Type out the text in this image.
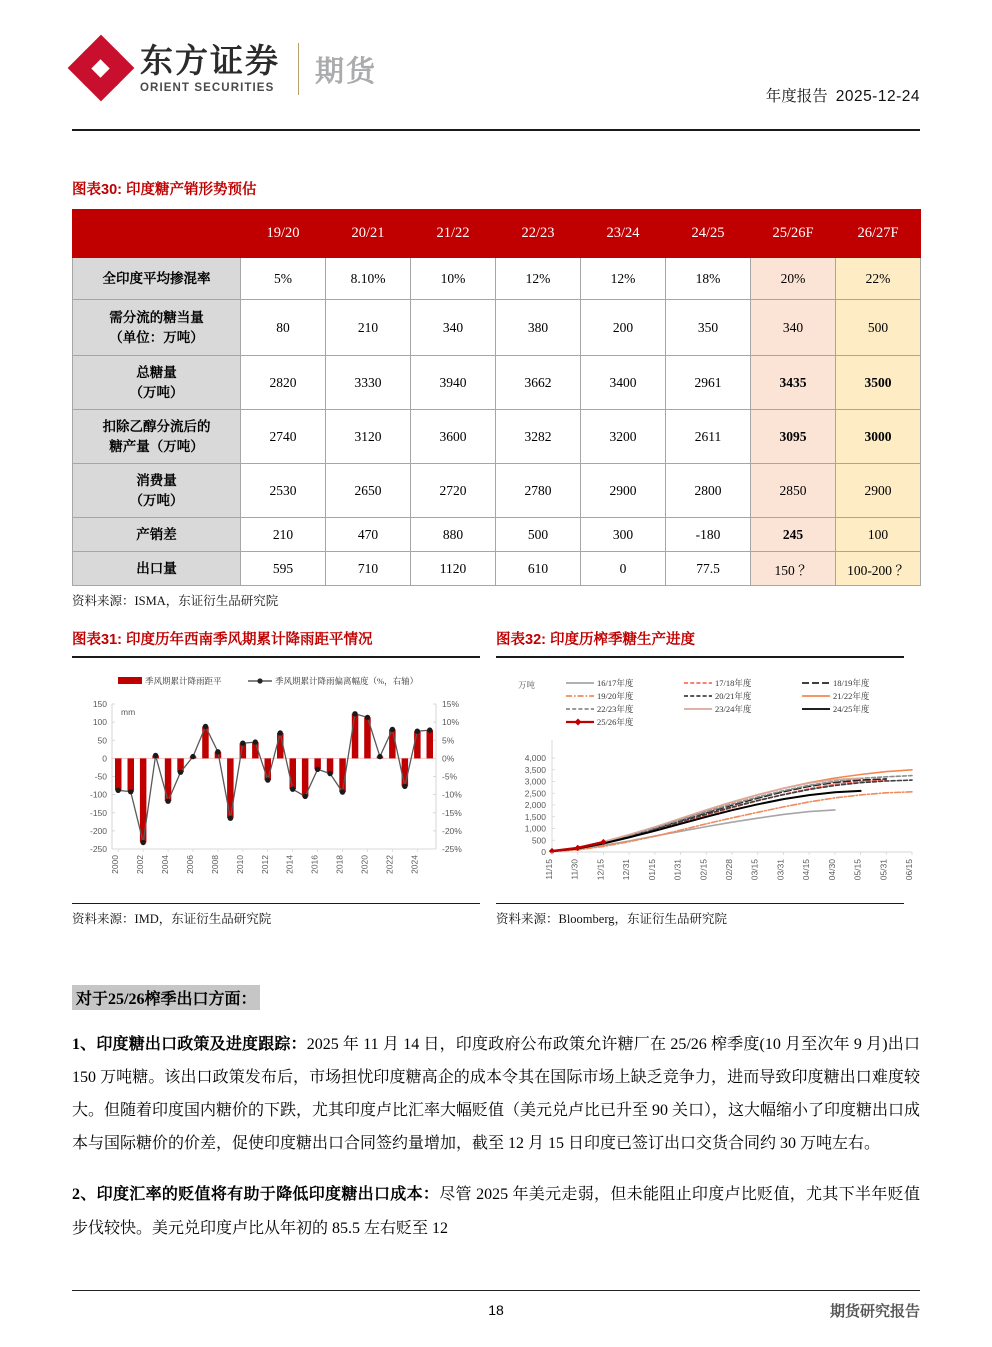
东方证券
ORIENT SECURITIES
期货
年度报告 2025-12-24
图表30: 印度糖产销形势预估
	19/20	20/21	21/22	22/23	23/24	24/25	25/26F	26/27F
全印度平均掺混率	5%	8.10%	10%	12%	12%	18%	20%	22%

需分流的糖当量
（单位：万吨）	80	210	340	380	200	350	340	500

总糖量
（万吨）	2820	3330	3940	3662	3400	2961	3435	3500

扣除乙醇分流后的
糖产量（万吨）	2740	3120	3600	3282	3200	2611	3095	3000

消费量
（万吨）	2530	2650	2720	2780	2900	2800	2850	2900
产销差	210	470	880	500	300	-180	245	100
出口量	595	710	1120	610	0	77.5	150 ？	100-200 ？
资料来源：ISMA，东证衍生品研究院
图表31: 印度历年西南季风期累计降雨距平情况
季风期累计降雨距平	季风期累计降雨偏离幅度（%，右轴）
150
100
50
0
-50
-100
-150
-200
-250
15%
10%
5%
0%
-5%
-10%
-15%
-20%
-25%
mm
2000 2002 2004 2006 2008 2010 2012 2014 2016 2018 2020 2022 2024
资料来源：IMD，东证衍生品研究院
图表32: 印度历榨季糖生产进度
万吨	16/17年度	17/18年度	18/19年度
19/20年度	20/21年度	21/22年度
22/23年度	23/24年度	24/25年度
25/26年度
0
500
1,000
1,500
2,000
2,500
3,000
3,500
4,000
11/15 11/30 12/15 12/31 01/15 01/31 02/15 02/28 03/15 03/31 04/15 04/30 05/15 05/31 06/15
资料来源：Bloomberg，东证衍生品研究院
对于25/26榨季出口方面：

1、印度糖出口政策及进度跟踪：2025 年 11 月 14 日，印度政府公布政策允许糖厂在 25/26 榨季度(10 月至次年 9 月)出口 150 万吨糖。该出口政策发布后，市场担忧印度糖高企的成本令其在国际市场上缺乏竞争力，进而导致印度糖出口难度较大。但随着印度国内糖价的下跌，尤其印度卢比汇率大幅贬值（美元兑卢比已升至 90 关口），这大幅缩小了印度糖出口成本与国际糖价的价差，促使印度糖出口合同签约量增加，截至 12 月 15 日印度已签订出口交货合同约 30 万吨左右。

2、印度汇率的贬值将有助于降低印度糖出口成本：尽管 2025 年美元走弱，但未能阻止印度卢比贬值，尤其下半年贬值步伐较快。美元兑印度卢比从年初的 85.5 左右贬至 12

18	期货研究报告
